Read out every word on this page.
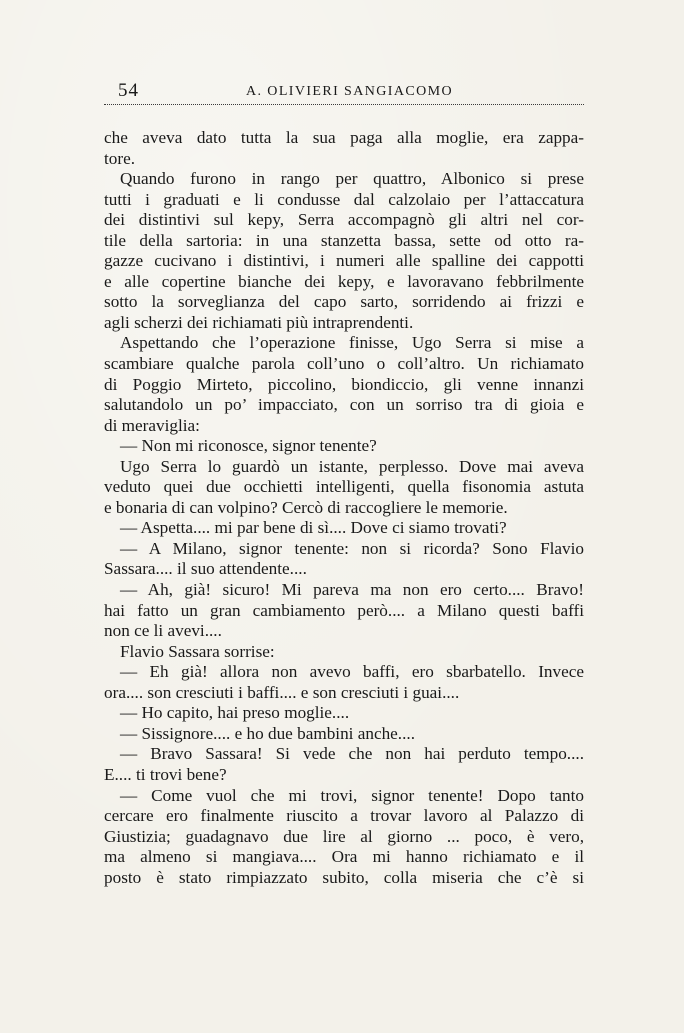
54	A. OLIVIERI SANGIACOMO
che aveva dato tutta la sua paga alla moglie, era zappa-
tore.
Quando furono in rango per quattro, Albonico si prese
tutti i graduati e li condusse dal calzolaio per l’attaccatura
dei distintivi sul kepy, Serra accompagnò gli altri nel cor-
tile della sartoria: in una stanzetta bassa, sette od otto ra-
gazze cucivano i distintivi, i numeri alle spalline dei cappotti
e alle copertine bianche dei kepy, e lavoravano febbrilmente
sotto la sorveglianza del capo sarto, sorridendo ai frizzi e
agli scherzi dei richiamati più intraprendenti.
Aspettando che l’operazione finisse, Ugo Serra si mise a
scambiare qualche parola coll’uno o coll’altro. Un richiamato
di Poggio Mirteto, piccolino, biondiccio, gli venne innanzi
salutandolo un po’ impacciato, con un sorriso tra di gioia e
di meraviglia:
— Non mi riconosce, signor tenente?
Ugo Serra lo guardò un istante, perplesso. Dove mai aveva
veduto quei due occhietti intelligenti, quella fisonomia astuta
e bonaria di can volpino? Cercò di raccogliere le memorie.
— Aspetta.... mi par bene di sì.... Dove ci siamo trovati?
— A Milano, signor tenente: non si ricorda? Sono Flavio
Sassara.... il suo attendente....
— Ah, già! sicuro! Mi pareva ma non ero certo.... Bravo!
hai fatto un gran cambiamento però.... a Milano questi baffi
non ce li avevi....
Flavio Sassara sorrise:
— Eh già! allora non avevo baffi, ero sbarbatello. Invece
ora.... son cresciuti i baffi.... e son cresciuti i guai....
— Ho capito, hai preso moglie....
— Sissignore.... e ho due bambini anche....
— Bravo Sassara! Si vede che non hai perduto tempo....
E.... ti trovi bene?
— Come vuol che mi trovi, signor tenente! Dopo tanto
cercare ero finalmente riuscito a trovar lavoro al Palazzo di
Giustizia; guadagnavo due lire al giorno ... poco, è vero,
ma almeno si mangiava.... Ora mi hanno richiamato e il
posto è stato rimpiazzato subito, colla miseria che c’è si
